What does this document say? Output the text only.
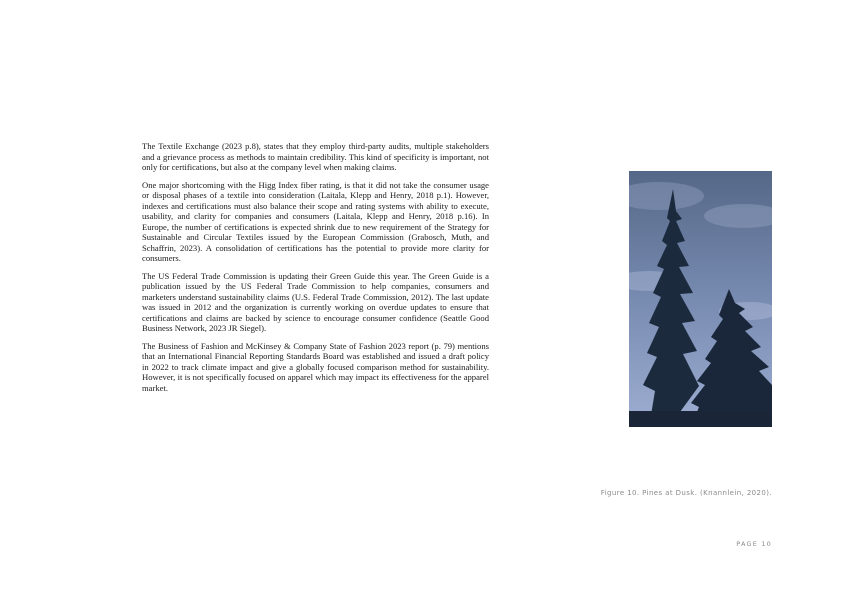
The Textile Exchange (2023 p.8), states that they employ third-party audits, multiple stakeholders and a grievance process as methods to maintain credibility. This kind of specificity is important, not only for certifications, but also at the company level when making claims.

One major shortcoming with the Higg Index fiber rating, is that it did not take the consumer usage or disposal phases of a textile into consideration (Laitala, Klepp and Henry, 2018 p.1). However, indexes and certifications must also balance their scope and rating systems with ability to execute, usability, and clarity for companies and consumers (Laitala, Klepp and Henry, 2018 p.16). In Europe, the number of certifications is expected shrink due to new requirement of the Strategy for Sustainable and Circular Textiles issued by the European Commission (Grabosch, Muth, and Schaffrin, 2023). A consolidation of certifications has the potential to provide more clarity for consumers.

The US Federal Trade Commission is updating their Green Guide this year. The Green Guide is a publication issued by the US Federal Trade Commission to help companies, consumers and marketers understand sustainability claims (U.S. Federal Trade Commission, 2012). The last update was issued in 2012 and the organization is currently working on overdue updates to ensure that certifications and claims are backed by science to encourage consumer confidence (Seattle Good Business Network, 2023 JR Siegel).

The Business of Fashion and McKinsey & Company State of Fashion 2023 report (p. 79) mentions that an International Financial Reporting Standards Board was established and issued a draft policy in 2022 to track climate impact and give a globally focused comparison method for sustainability. However, it is not specifically focused on apparel which may impact its effectiveness for the apparel market.

Figure 10. Pines at Dusk. (Knannlein, 2020).
PAGE 10
